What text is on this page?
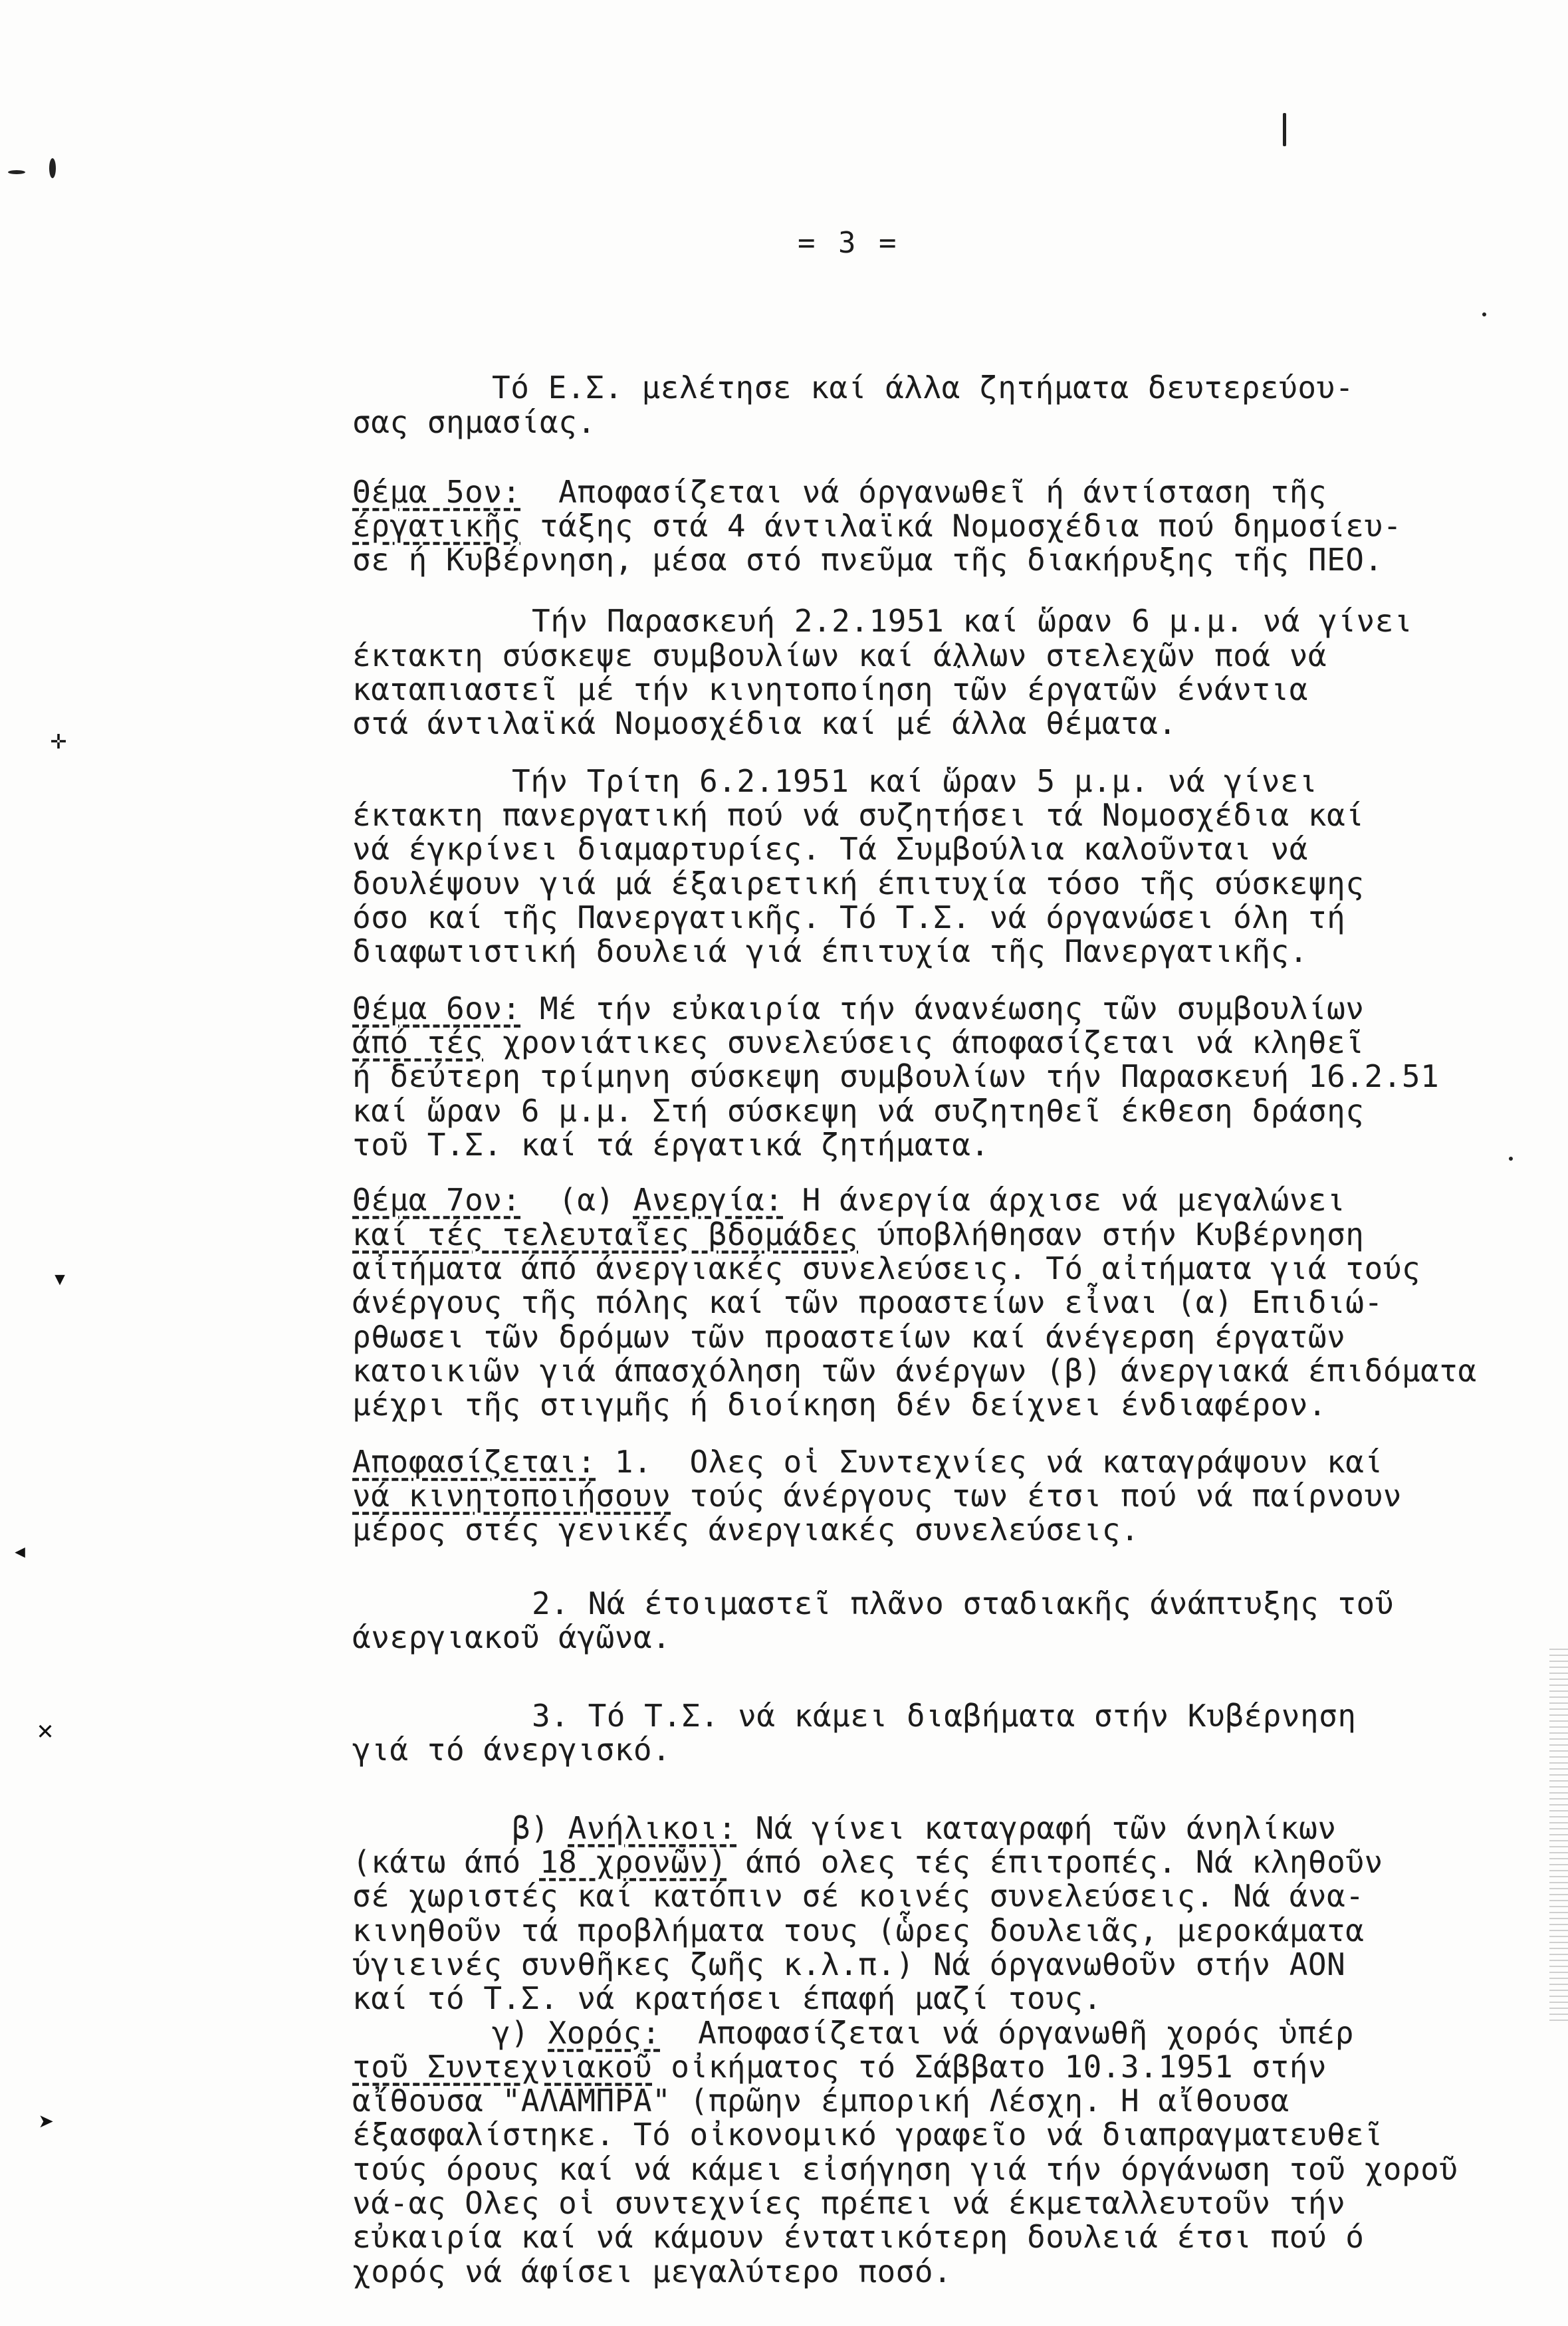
✛
▾
◂
✕
➤
= 3 =
Τό Ε.Σ. μελέτησε καί άλλα ζητήματα δευτερεύου-
σας σημασίας.
Θέμα 5ον:  Αποφασίζεται νά όργανωθεῖ ή άντίσταση τῆς
έργατικῆς τάξης στά 4 άντιλαϊκά Νομοσχέδια πού δημοσίευ-
σε ή Κυβέρνηση, μέσα στό πνεῦμα τῆς διακήρυξης τῆς ΠΕΟ.
Τήν Παρασκευή 2.2.1951 καί ὥραν 6 μ.μ. νά γίνει
έκτακτη σύσκεψε συμβουλίων καί άλλων στελεχῶν ποά νά
καταπιαστεῖ μέ τήν κινητοποίηση τῶν έργατῶν ένάντια
στά άντιλαϊκά Νομοσχέδια καί μέ άλλα θέματα.
Τήν Τρίτη 6.2.1951 καί ὥραν 5 μ.μ. νά γίνει
έκτακτη πανεργατική πού νά συζητήσει τά Νομοσχέδια καί
νά έγκρίνει διαμαρτυρίες. Τά Συμβούλια καλοῦνται νά
δουλέψουν γιά μά έξαιρετική έπιτυχία τόσο τῆς σύσκεψης
όσο καί τῆς Πανεργατικῆς. Τό Τ.Σ. νά όργανώσει όλη τή
διαφωτιστική δουλειά γιά έπιτυχία τῆς Πανεργατικῆς.
Θέμα 6ον: Μέ τήν εὐκαιρία τήν άνανέωσης τῶν συμβουλίων
άπό τές χρονιάτικες συνελεύσεις άποφασίζεται νά κληθεῖ
ή δεύτερη τρίμηνη σύσκεψη συμβουλίων τήν Παρασκευή 16.2.51
καί ὥραν 6 μ.μ. Στή σύσκεψη νά συζητηθεῖ έκθεση δράσης
τοῦ Τ.Σ. καί τά έργατικά ζητήματα.
Θέμα 7ον:  (α) Ανεργία: Η άνεργία άρχισε νά μεγαλώνει
καί τές τελευταῖες βδομάδες ύποβλήθησαν στήν Κυβέρνηση
αἰτήματα άπό άνεργιακές συνελεύσεις. Τό αἰτήματα γιά τούς
άνέργους τῆς πόλης καί τῶν προαστείων εἶναι (α) Επιδιώ-
ρθωσει τῶν δρόμων τῶν προαστείων καί άνέγερση έργατῶν
κατοικιῶν γιά άπασχόληση τῶν άνέργων (β) άνεργιακά έπιδόματα
μέχρι τῆς στιγμῆς ή διοίκηση δέν δείχνει ένδιαφέρον.
Αποφασίζεται: 1.  Ολες οἱ Συντεχνίες νά καταγράψουν καί
νά κινητοποιήσουν τούς άνέργους των έτσι πού νά παίρνουν
μέρος στές γενικές άνεργιακές συνελεύσεις.
2. Νά έτοιμαστεῖ πλᾶνο σταδιακῆς άνάπτυξης τοῦ
άνεργιακοῦ άγῶνα.
3. Τό Τ.Σ. νά κάμει διαβήματα στήν Κυβέρνηση
γιά τό άνεργισκό.
β) Ανήλικοι: Νά γίνει καταγραφή τῶν άνηλίκων
(κάτω άπό 18 χρονῶν) άπό ολες τές έπιτροπές. Νά κληθοῦν
σέ χωριστές καί κατόπιν σέ κοινές συνελεύσεις. Νά άνα-
κινηθοῦν τά προβλήματα τους (ὧρες δουλειᾶς, μεροκάματα
ύγιεινές συνθῆκες ζωῆς κ.λ.π.) Νά όργανωθοῦν στήν ΑΟΝ
καί τό Τ.Σ. νά κρατήσει έπαφή μαζί τους.
γ) Χορός:  Αποφασίζεται νά όργανωθῆ χορός ὑπέρ
τοῦ Συντεχνιακοῦ οἰκήματος τό Σάββατο 10.3.1951 στήν
αἴθουσα "ΑΛΑΜΠΡΑ" (πρῶην έμπορική Λέσχη. Η αἴθουσα
έξασφαλίστηκε. Τό οἰκονομικό γραφεῖο νά διαπραγματευθεῖ
τούς όρους καί νά κάμει εἰσήγηση γιά τήν όργάνωση τοῦ χοροῦ
νά-ας Ολες οἱ συντεχνίες πρέπει νά έκμεταλλευτοῦν τήν
εὐκαιρία καί νά κάμουν έντατικότερη δουλειά έτσι πού ό
χορός νά άφίσει μεγαλύτερο ποσό.
